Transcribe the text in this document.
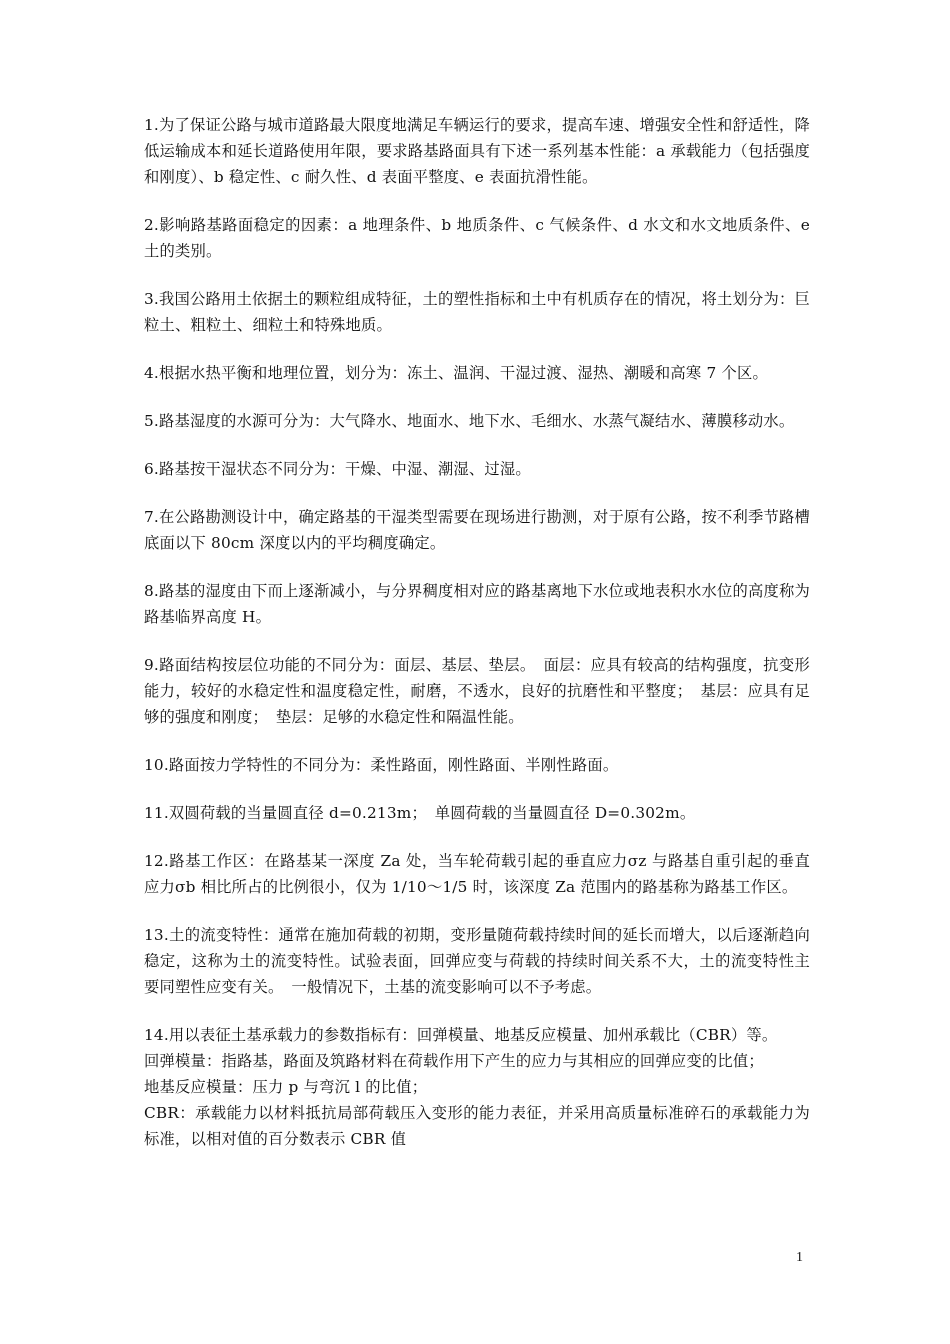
1.为了保证公路与城市道路最大限度地满足车辆运行的要求，提高车速、增强安全性和舒适性，降低运输成本和延长道路使用年限，要求路基路面具有下述一系列基本性能：a 承载能力（包括强度和刚度）、b 稳定性、c 耐久性、d 表面平整度、e 表面抗滑性能。

2.影响路基路面稳定的因素：a 地理条件、b 地质条件、c 气候条件、d 水文和水文地质条件、e 土的类别。

3.我国公路用土依据土的颗粒组成特征，土的塑性指标和土中有机质存在的情况，将土划分为：巨粒土、粗粒土、细粒土和特殊地质。

4.根据水热平衡和地理位置，划分为：冻土、温润、干湿过渡、湿热、潮暖和高寒 7 个区。

5.路基湿度的水源可分为：大气降水、地面水、地下水、毛细水、水蒸气凝结水、薄膜移动水。

6.路基按干湿状态不同分为：干燥、中湿、潮湿、过湿。

7.在公路勘测设计中，确定路基的干湿类型需要在现场进行勘测，对于原有公路，按不利季节路槽底面以下 80cm 深度以内的平均稠度确定。

8.路基的湿度由下而上逐渐减小，与分界稠度相对应的路基离地下水位或地表积水水位的高度称为路基临界高度 H。

9.路面结构按层位功能的不同分为：面层、基层、垫层。　面层：应具有较高的结构强度，抗变形能力，较好的水稳定性和温度稳定性，耐磨，不透水，良好的抗磨性和平整度；　基层：应具有足够的强度和刚度；　垫层：足够的水稳定性和隔温性能。

10.路面按力学特性的不同分为：柔性路面，刚性路面、半刚性路面。

11.双圆荷载的当量圆直径 d=0.213m；　单圆荷载的当量圆直径 D=0.302m。

12.路基工作区：在路基某一深度 Za 处，当车轮荷载引起的垂直应力σz 与路基自重引起的垂直应力σb 相比所占的比例很小，仅为 1/10～1/5 时，该深度 Za 范围内的路基称为路基工作区。

13.土的流变特性：通常在施加荷载的初期，变形量随荷载持续时间的延长而增大，以后逐渐趋向稳定，这称为土的流变特性。试验表面，回弹应变与荷载的持续时间关系不大，土的流变特性主要同塑性应变有关。　一般情况下，土基的流变影响可以不予考虑。

14.用以表征土基承载力的参数指标有：回弹模量、地基反应模量、加州承载比（CBR）等。
回弹模量：指路基，路面及筑路材料在荷载作用下产生的应力与其相应的回弹应变的比值；
地基反应模量：压力 p 与弯沉 l 的比值；
CBR：承载能力以材料抵抗局部荷载压入变形的能力表征，并采用高质量标准碎石的承载能力为标准，以相对值的百分数表示 CBR 值

1
